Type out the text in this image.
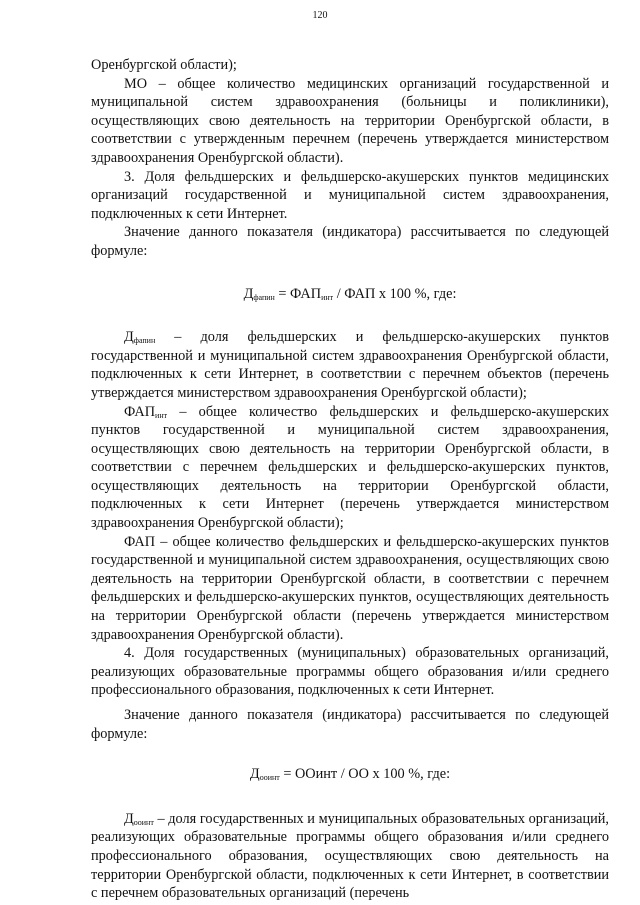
120

Оренбургской области);

МО – общее количество медицинских организаций государственной и муниципальной систем здравоохранения (больницы и поликлиники), осуществляющих свою деятельность на территории Оренбургской области, в соответствии с утвержденным перечнем (перечень утверждается министерством здравоохранения Оренбургской области).

3. Доля фельдшерских и фельдшерско-акушерских пунктов медицинских организаций государственной и муниципальной систем здравоохранения, подключенных к сети Интернет.

Значение данного показателя (индикатора) рассчитывается по следующей формуле:

$Д_{фапин} = ФАП_{инт}$ / ФАП х 100 %, где:

$Д_{фапин}$ – доля фельдшерских и фельдшерско-акушерских пунктов государственной и муниципальной систем здравоохранения Оренбургской области, подключенных к сети Интернет, в соответствии с перечнем объектов (перечень утверждается министерством здравоохранения Оренбургской области);

$ФАП_{инт}$ – общее количество фельдшерских и фельдшерско-акушерских пунктов государственной и муниципальной систем здравоохранения, осуществляющих свою деятельность на территории Оренбургской области, в соответствии с перечнем фельдшерских и фельдшерско-акушерских пунктов, осуществляющих деятельность на территории Оренбургской области, подключенных к сети Интернет (перечень утверждается министерством здравоохранения Оренбургской области);

ФАП – общее количество фельдшерских и фельдшерско-акушерских пунктов государственной и муниципальной систем здравоохранения, осуществляющих свою деятельность на территории Оренбургской области, в соответствии с перечнем фельдшерских и фельдшерско-акушерских пунктов, осуществляющих деятельность на территории Оренбургской области (перечень утверждается министерством здравоохранения Оренбургской области).

4. Доля государственных (муниципальных) образовательных организаций, реализующих образовательные программы общего образования и/или среднего профессионального образования, подключенных к сети Интернет.

Значение данного показателя (индикатора) рассчитывается по следующей формуле:

$Д_{ооинт}$ = ООинт / ОО х 100 %, где:

$Д_{ооинт}$ – доля государственных и муниципальных образовательных организаций, реализующих образовательные программы общего образования и/или среднего профессионального образования, осуществляющих свою деятельность на территории Оренбургской области, подключенных к сети Интернет, в соответствии с перечнем образовательных организаций (перечень
